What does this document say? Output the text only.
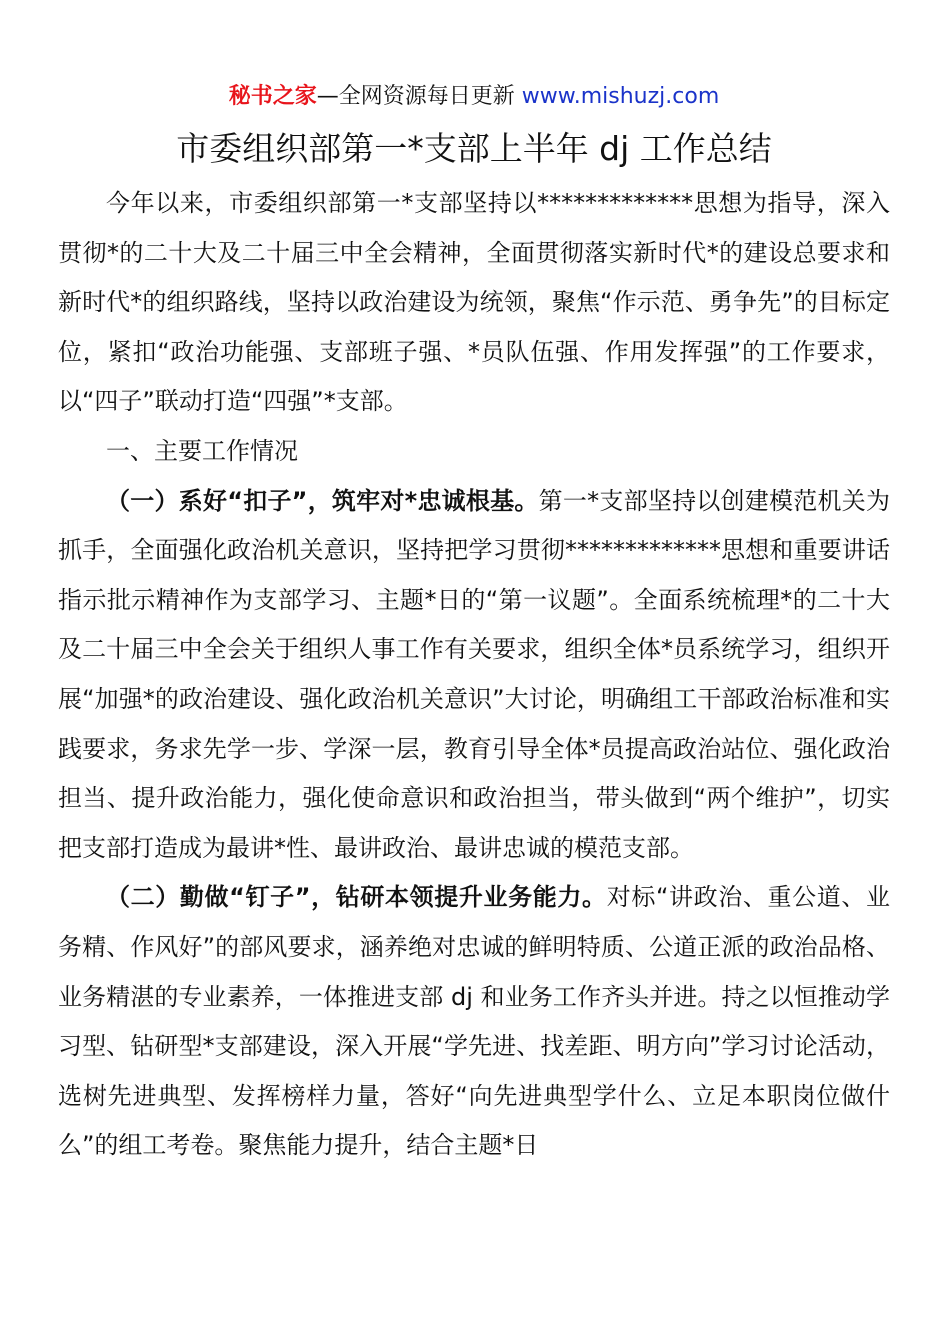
秘书之家—全网资源每日更新 www.mishuzj.com
市委组织部第一*支部上半年 dj 工作总结

今年以来，市委组织部第一*支部坚持以*************思想为指导，深入贯彻*的二十大及二十届三中全会精神，全面贯彻落实新时代*的建设总要求和新时代*的组织路线，坚持以政治建设为统领，聚焦“作示范、勇争先”的目标定位，紧扣“政治功能强、支部班子强、*员队伍强、作用发挥强”的工作要求，以“四子”联动打造“四强”*支部。

一、主要工作情况

（一）系好“扣子”，筑牢对*忠诚根基。第一*支部坚持以创建模范机关为抓手，全面强化政治机关意识，坚持把学习贯彻*************思想和重要讲话指示批示精神作为支部学习、主题*日的“第一议题”。全面系统梳理*的二十大及二十届三中全会关于组织人事工作有关要求，组织全体*员系统学习，组织开展“加强*的政治建设、强化政治机关意识”大讨论，明确组工干部政治标准和实践要求，务求先学一步、学深一层，教育引导全体*员提高政治站位、强化政治担当、提升政治能力，强化使命意识和政治担当，带头做到“两个维护”，切实把支部打造成为最讲*性、最讲政治、最讲忠诚的模范支部。

（二）勤做“钉子”，钻研本领提升业务能力。对标“讲政治、重公道、业务精、作风好”的部风要求，涵养绝对忠诚的鲜明特质、公道正派的政治品格、业务精湛的专业素养，一体推进支部 dj 和业务工作齐头并进。持之以恒推动学习型、钻研型*支部建设，深入开展“学先进、找差距、明方向”学习讨论活动，选树先进典型、发挥榜样力量，答好“向先进典型学什么、立足本职岗位做什么”的组工考卷。聚焦能力提升，结合主题*日
